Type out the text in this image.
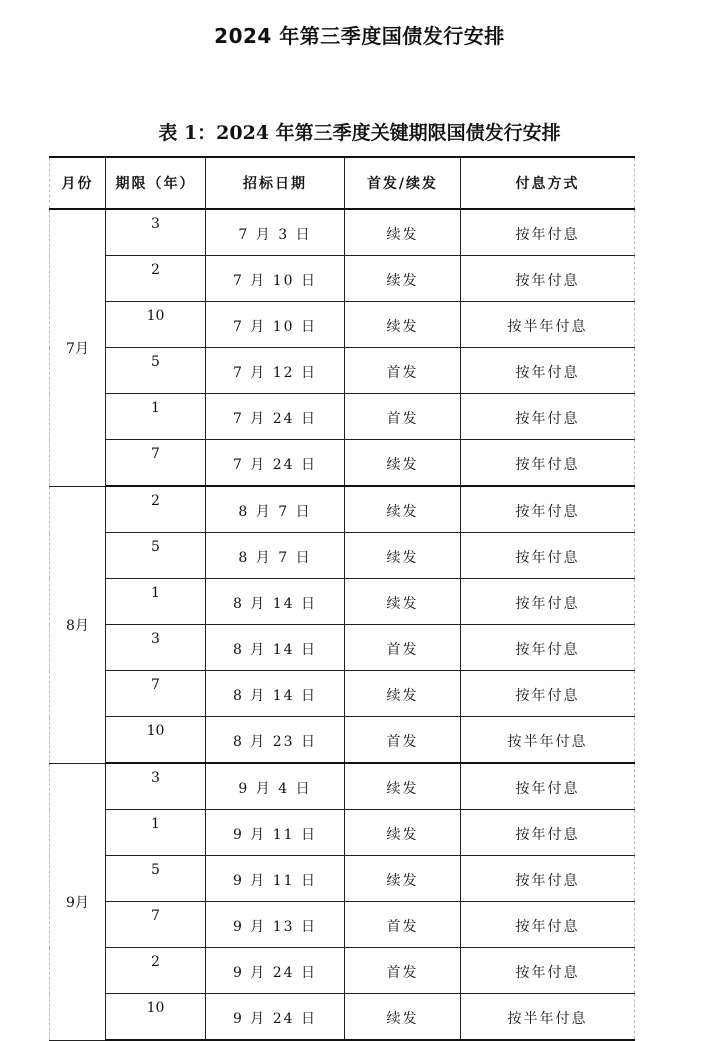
2024 年第三季度国债发行安排
表 1：2024 年第三季度关键期限国债发行安排
月份	期限（年）	招标日期	首发/续发	付息方式
7月	3	7 月 3 日	续发	按年付息
	2	7 月 10 日	续发	按年付息
	10	7 月 10 日	续发	按半年付息
	5	7 月 12 日	首发	按年付息
	1	7 月 24 日	首发	按年付息
	7	7 月 24 日	续发	按年付息
8月	2	8 月 7 日	续发	按年付息
	5	8 月 7 日	续发	按年付息
	1	8 月 14 日	续发	按年付息
	3	8 月 14 日	首发	按年付息
	7	8 月 14 日	续发	按年付息
	10	8 月 23 日	首发	按半年付息
9月	3	9 月 4 日	续发	按年付息
	1	9 月 11 日	续发	按年付息
	5	9 月 11 日	续发	按年付息
	7	9 月 13 日	首发	按年付息
	2	9 月 24 日	首发	按年付息
	10	9 月 24 日	续发	按半年付息
